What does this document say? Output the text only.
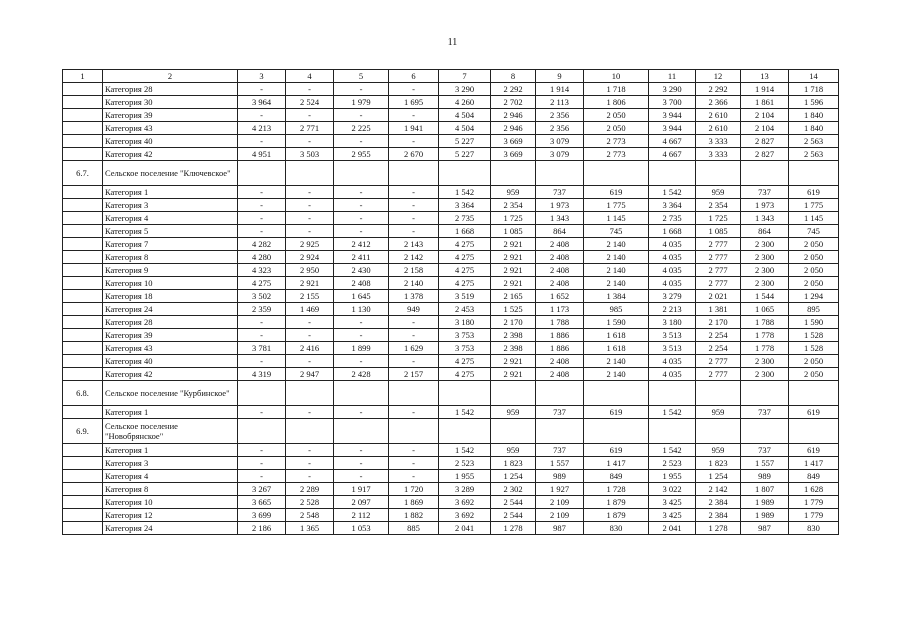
11
1	2	3	4	5	6	7	8	9	10	11	12	13	14
	Категория 28	-	-	-	-	3 290	2 292	1 914	1 718	3 290	2 292	1 914	1 718
	Категория 30	3 964	2 524	1 979	1 695	4 260	2 702	2 113	1 806	3 700	2 366	1 861	1 596
	Категория 39	-	-	-	-	4 504	2 946	2 356	2 050	3 944	2 610	2 104	1 840
	Категория 43	4 213	2 771	2 225	1 941	4 504	2 946	2 356	2 050	3 944	2 610	2 104	1 840
	Категория 40	-	-	-	-	5 227	3 669	3 079	2 773	4 667	3 333	2 827	2 563
	Категория 42	4 951	3 503	2 955	2 670	5 227	3 669	3 079	2 773	4 667	3 333	2 827	2 563
6.7.	Сельское поселение "Ключевское"												
	Категория 1	-	-	-	-	1 542	959	737	619	1 542	959	737	619
	Категория 3	-	-	-	-	3 364	2 354	1 973	1 775	3 364	2 354	1 973	1 775
	Категория 4	-	-	-	-	2 735	1 725	1 343	1 145	2 735	1 725	1 343	1 145
	Категория 5	-	-	-	-	1 668	1 085	864	745	1 668	1 085	864	745
	Категория 7	4 282	2 925	2 412	2 143	4 275	2 921	2 408	2 140	4 035	2 777	2 300	2 050
	Категория 8	4 280	2 924	2 411	2 142	4 275	2 921	2 408	2 140	4 035	2 777	2 300	2 050
	Категория 9	4 323	2 950	2 430	2 158	4 275	2 921	2 408	2 140	4 035	2 777	2 300	2 050
	Категория 10	4 275	2 921	2 408	2 140	4 275	2 921	2 408	2 140	4 035	2 777	2 300	2 050
	Категория 18	3 502	2 155	1 645	1 378	3 519	2 165	1 652	1 384	3 279	2 021	1 544	1 294
	Категория 24	2 359	1 469	1 130	949	2 453	1 525	1 173	985	2 213	1 381	1 065	895
	Категория 28	-	-	-	-	3 180	2 170	1 788	1 590	3 180	2 170	1 788	1 590
	Категория 39	-	-	-	-	3 753	2 398	1 886	1 618	3 513	2 254	1 778	1 528
	Категория 43	3 781	2 416	1 899	1 629	3 753	2 398	1 886	1 618	3 513	2 254	1 778	1 528
	Категория 40	-	-	-	-	4 275	2 921	2 408	2 140	4 035	2 777	2 300	2 050
	Категория 42	4 319	2 947	2 428	2 157	4 275	2 921	2 408	2 140	4 035	2 777	2 300	2 050
6.8.	Сельское поселение "Курбинское"												
	Категория 1	-	-	-	-	1 542	959	737	619	1 542	959	737	619
6.9.	Сельское поселение "Новобрянское"												
	Категория 1	-	-	-	-	1 542	959	737	619	1 542	959	737	619
	Категория 3	-	-	-	-	2 523	1 823	1 557	1 417	2 523	1 823	1 557	1 417
	Категория 4	-	-	-	-	1 955	1 254	989	849	1 955	1 254	989	849
	Категория 8	3 267	2 289	1 917	1 720	3 289	2 302	1 927	1 728	3 022	2 142	1 807	1 628
	Категория 10	3 665	2 528	2 097	1 869	3 692	2 544	2 109	1 879	3 425	2 384	1 989	1 779
	Категория 12	3 699	2 548	2 112	1 882	3 692	2 544	2 109	1 879	3 425	2 384	1 989	1 779
	Категория 24	2 186	1 365	1 053	885	2 041	1 278	987	830	2 041	1 278	987	830
